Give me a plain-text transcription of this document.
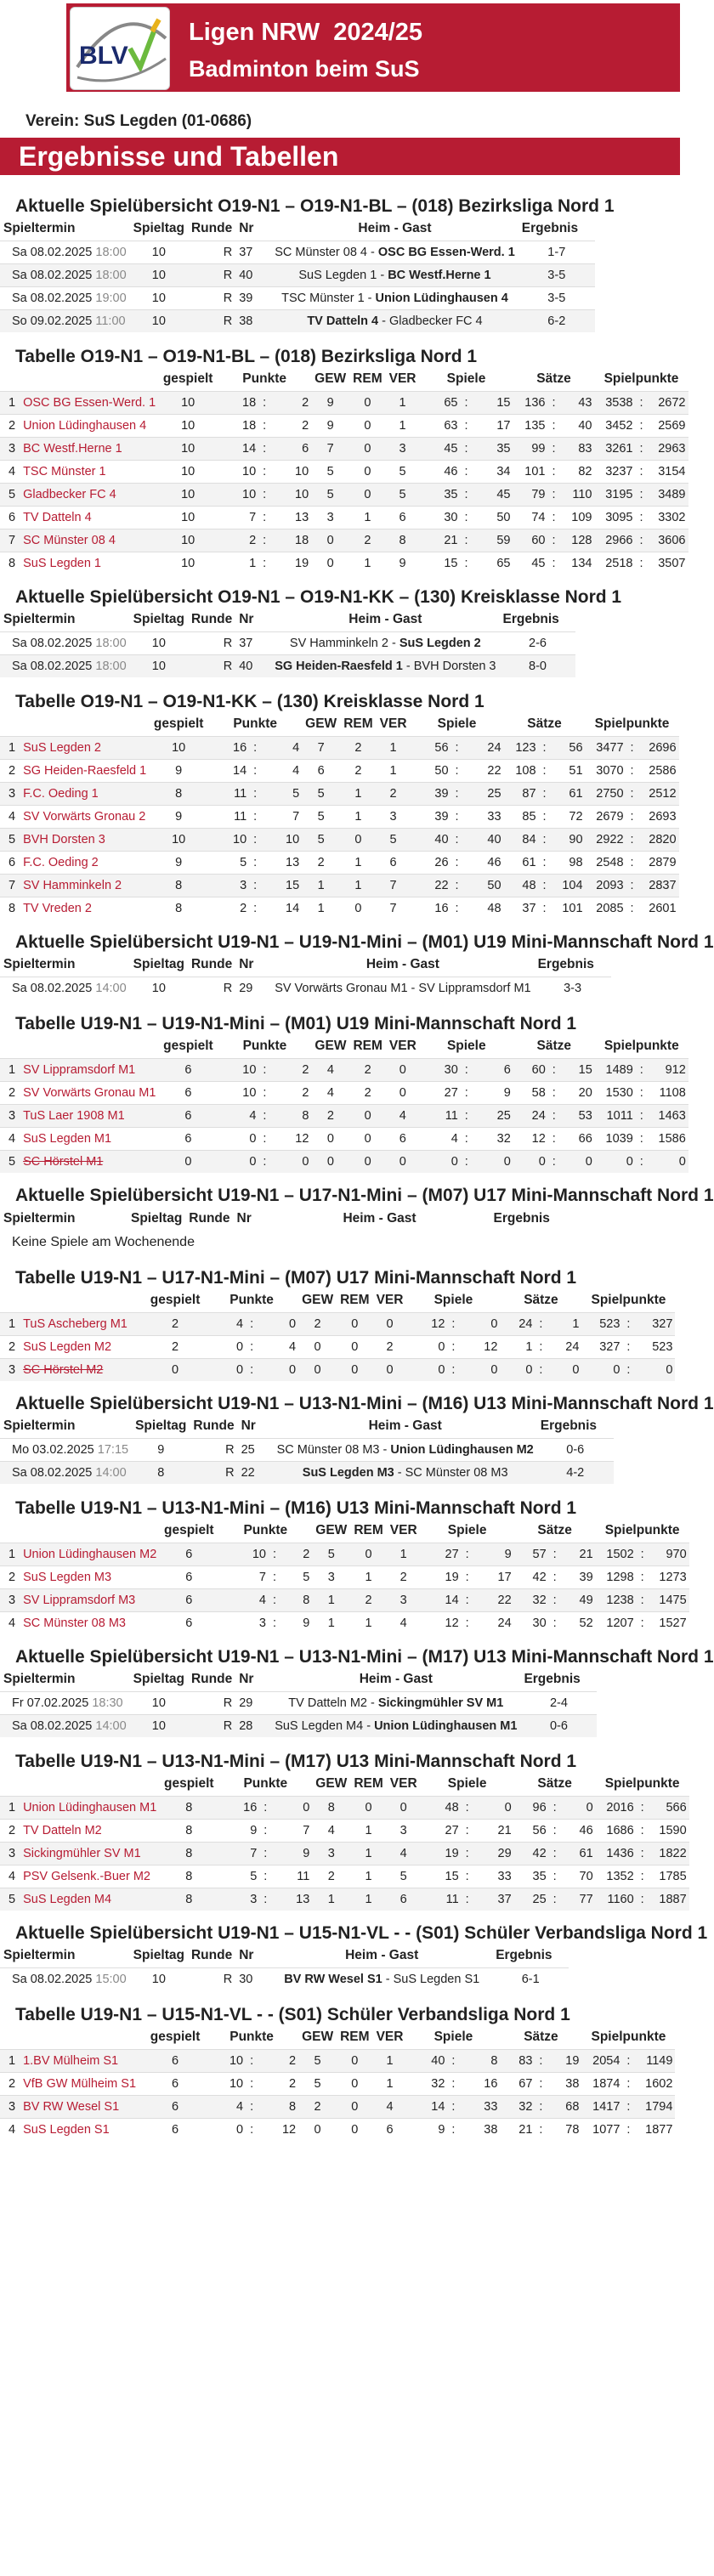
BLV
Ligen NRW  2024/25
Badminton beim SuS
Verein: SuS Legden (01-0686)
Ergebnisse und Tabellen
Aktuelle Spielübersicht O19-N1 – O19-N1-BL – (018) Bezirksliga Nord 1
Spieltermin	Spieltag	Runde	Nr	Heim - Gast	Ergebnis
Sa 08.02.2025 18:00	10	R	37	SC Münster 08 4 - OSC BG Essen-Werd. 1	1-7
Sa 08.02.2025 18:00	10	R	40	SuS Legden 1 - BC Westf.Herne 1	3-5
Sa 08.02.2025 19:00	10	R	39	TSC Münster 1 - Union Lüdinghausen 4	3-5
So 09.02.2025 11:00	10	R	38	TV Datteln 4 - Gladbecker FC 4	6-2
Tabelle O19-N1 – O19-N1-BL – (018) Bezirksliga Nord 1
		gespielt	Punkte			GEW	REM	VER	Spiele			Sätze			Spielpunkte		
1	OSC BG Essen-Werd. 1	10	18	:	2	9	0	1	65	:	15	136	:	43	3538	:	2672
2	Union Lüdinghausen 4	10	18	:	2	9	0	1	63	:	17	135	:	40	3452	:	2569
3	BC Westf.Herne 1	10	14	:	6	7	0	3	45	:	35	99	:	83	3261	:	2963
4	TSC Münster 1	10	10	:	10	5	0	5	46	:	34	101	:	82	3237	:	3154
5	Gladbecker FC 4	10	10	:	10	5	0	5	35	:	45	79	:	110	3195	:	3489
6	TV Datteln 4	10	7	:	13	3	1	6	30	:	50	74	:	109	3095	:	3302
7	SC Münster 08 4	10	2	:	18	0	2	8	21	:	59	60	:	128	2966	:	3606
8	SuS Legden 1	10	1	:	19	0	1	9	15	:	65	45	:	134	2518	:	3507
Aktuelle Spielübersicht O19-N1 – O19-N1-KK – (130) Kreisklasse Nord 1
Spieltermin	Spieltag	Runde	Nr	Heim - Gast	Ergebnis
Sa 08.02.2025 18:00	10	R	37	SV Hamminkeln 2 - SuS Legden 2	2-6
Sa 08.02.2025 18:00	10	R	40	SG Heiden-Raesfeld 1 - BVH Dorsten 3	8-0
Tabelle O19-N1 – O19-N1-KK – (130) Kreisklasse Nord 1
		gespielt	Punkte			GEW	REM	VER	Spiele			Sätze			Spielpunkte		
1	SuS Legden 2	10	16	:	4	7	2	1	56	:	24	123	:	56	3477	:	2696
2	SG Heiden-Raesfeld 1	9	14	:	4	6	2	1	50	:	22	108	:	51	3070	:	2586
3	F.C. Oeding 1	8	11	:	5	5	1	2	39	:	25	87	:	61	2750	:	2512
4	SV Vorwärts Gronau 2	9	11	:	7	5	1	3	39	:	33	85	:	72	2679	:	2693
5	BVH Dorsten 3	10	10	:	10	5	0	5	40	:	40	84	:	90	2922	:	2820
6	F.C. Oeding 2	9	5	:	13	2	1	6	26	:	46	61	:	98	2548	:	2879
7	SV Hamminkeln 2	8	3	:	15	1	1	7	22	:	50	48	:	104	2093	:	2837
8	TV Vreden 2	8	2	:	14	1	0	7	16	:	48	37	:	101	2085	:	2601
Aktuelle Spielübersicht U19-N1 – U19-N1-Mini – (M01) U19 Mini-Mannschaft Nord 1
Spieltermin	Spieltag	Runde	Nr	Heim - Gast	Ergebnis
Sa 08.02.2025 14:00	10	R	29	SV Vorwärts Gronau M1 - SV Lippramsdorf M1	3-3
Tabelle U19-N1 – U19-N1-Mini – (M01) U19 Mini-Mannschaft Nord 1
		gespielt	Punkte			GEW	REM	VER	Spiele			Sätze			Spielpunkte		
1	SV Lippramsdorf M1	6	10	:	2	4	2	0	30	:	6	60	:	15	1489	:	912
2	SV Vorwärts Gronau M1	6	10	:	2	4	2	0	27	:	9	58	:	20	1530	:	1108
3	TuS Laer 1908 M1	6	4	:	8	2	0	4	11	:	25	24	:	53	1011	:	1463
4	SuS Legden M1	6	0	:	12	0	0	6	4	:	32	12	:	66	1039	:	1586
5	SC Hörstel M1	0	0	:	0	0	0	0	0	:	0	0	:	0	0	:	0
Aktuelle Spielübersicht U19-N1 – U17-N1-Mini – (M07) U17 Mini-Mannschaft Nord 1
Spieltermin	Spieltag	Runde	Nr	Heim - Gast	Ergebnis
Keine Spiele am Wochenende
Tabelle U19-N1 – U17-N1-Mini – (M07) U17 Mini-Mannschaft Nord 1
		gespielt	Punkte			GEW	REM	VER	Spiele			Sätze			Spielpunkte		
1	TuS Ascheberg M1	2	4	:	0	2	0	0	12	:	0	24	:	1	523	:	327
2	SuS Legden M2	2	0	:	4	0	0	2	0	:	12	1	:	24	327	:	523
3	SC Hörstel M2	0	0	:	0	0	0	0	0	:	0	0	:	0	0	:	0
Aktuelle Spielübersicht U19-N1 – U13-N1-Mini – (M16) U13 Mini-Mannschaft Nord 1
Spieltermin	Spieltag	Runde	Nr	Heim - Gast	Ergebnis
Mo 03.02.2025 17:15	9	R	25	SC Münster 08 M3 - Union Lüdinghausen M2	0-6
Sa 08.02.2025 14:00	8	R	22	SuS Legden M3 - SC Münster 08 M3	4-2
Tabelle U19-N1 – U13-N1-Mini – (M16) U13 Mini-Mannschaft Nord 1
		gespielt	Punkte			GEW	REM	VER	Spiele			Sätze			Spielpunkte		
1	Union Lüdinghausen M2	6	10	:	2	5	0	1	27	:	9	57	:	21	1502	:	970
2	SuS Legden M3	6	7	:	5	3	1	2	19	:	17	42	:	39	1298	:	1273
3	SV Lippramsdorf M3	6	4	:	8	1	2	3	14	:	22	32	:	49	1238	:	1475
4	SC Münster 08 M3	6	3	:	9	1	1	4	12	:	24	30	:	52	1207	:	1527
Aktuelle Spielübersicht U19-N1 – U13-N1-Mini – (M17) U13 Mini-Mannschaft Nord 1
Spieltermin	Spieltag	Runde	Nr	Heim - Gast	Ergebnis
Fr 07.02.2025 18:30	10	R	29	TV Datteln M2 - Sickingmühler SV M1	2-4
Sa 08.02.2025 14:00	10	R	28	SuS Legden M4 - Union Lüdinghausen M1	0-6
Tabelle U19-N1 – U13-N1-Mini – (M17) U13 Mini-Mannschaft Nord 1
		gespielt	Punkte			GEW	REM	VER	Spiele			Sätze			Spielpunkte		
1	Union Lüdinghausen M1	8	16	:	0	8	0	0	48	:	0	96	:	0	2016	:	566
2	TV Datteln M2	8	9	:	7	4	1	3	27	:	21	56	:	46	1686	:	1590
3	Sickingmühler SV M1	8	7	:	9	3	1	4	19	:	29	42	:	61	1436	:	1822
4	PSV Gelsenk.-Buer M2	8	5	:	11	2	1	5	15	:	33	35	:	70	1352	:	1785
5	SuS Legden M4	8	3	:	13	1	1	6	11	:	37	25	:	77	1160	:	1887
Aktuelle Spielübersicht U19-N1 – U15-N1-VL - - (S01) Schüler Verbandsliga Nord 1
Spieltermin	Spieltag	Runde	Nr	Heim - Gast	Ergebnis
Sa 08.02.2025 15:00	10	R	30	BV RW Wesel S1 - SuS Legden S1	6-1
Tabelle U19-N1 – U15-N1-VL - - (S01) Schüler Verbandsliga Nord 1
		gespielt	Punkte			GEW	REM	VER	Spiele			Sätze			Spielpunkte		
1	1.BV Mülheim S1	6	10	:	2	5	0	1	40	:	8	83	:	19	2054	:	1149
2	VfB GW Mülheim S1	6	10	:	2	5	0	1	32	:	16	67	:	38	1874	:	1602
3	BV RW Wesel S1	6	4	:	8	2	0	4	14	:	33	32	:	68	1417	:	1794
4	SuS Legden S1	6	0	:	12	0	0	6	9	:	38	21	:	78	1077	:	1877
